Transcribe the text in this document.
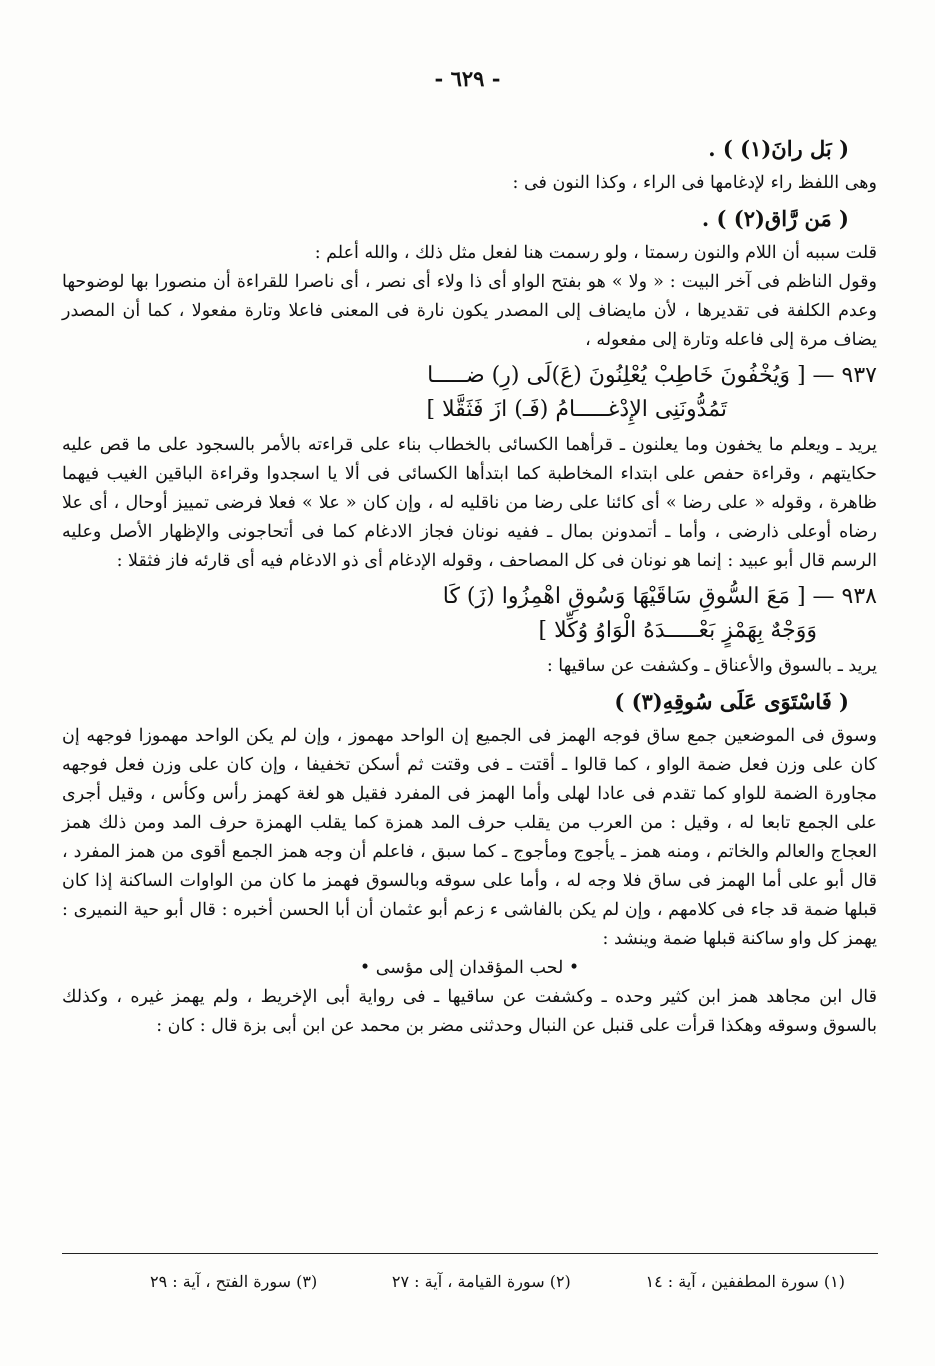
- ٦٢٩ -

( بَل رانَ(١) ) .

وهى اللفظ راء لإدغامها فى الراء ، وكذا النون فى :

( مَن رَّاق(٢) ) .

قلت سببه أن اللام والنون رسمتا ، ولو رسمت هنا لفعل مثل ذلك ، والله أعلم :

وقول الناظم فى آخر البيت : « ولا » هو بفتح الواو أى ذا ولاء أى نصر ، أى ناصرا للقراءة أن منصورا بها لوضوحها وعدم الكلفة فى تقديرها ، لأن مايضاف إلى المصدر يكون نارة فى المعنى فاعلا وتارة مفعولا ، كما أن المصدر يضاف مرة إلى فاعله وتارة إلى مفعوله ،

٩٣٧ — [ وَيُخْفُونَ خَاطِبْ يُعْلِنُونَ (عَ)لَى (رِ) ضـــــا
تَمُدُّونَنِى الإِدْغـــــامُ (فَـ) ازَ فَثَقَّلا ]

يريد ـ ويعلم ما يخفون وما يعلنون ـ قرأهما الكسائى بالخطاب بناء على قراءته بالأمر بالسجود على ما قص عليه حكايتهم ، وقراءة حفص على ابتداء المخاطبة كما ابتدأها الكسائى فى ألا يا اسجدوا وقراءة الباقين الغيب فيهما ظاهرة ، وقوله « على رضا » أى كائنا على رضا من ناقليه له ، وإن كان « علا » فعلا فرضى تمييز أوحال ، أى علا رضاه أوعلى ذارضى ، وأما ـ أتمدونن بمال ـ ففيه نونان فجاز الادغام كما فى أتحاجونى والإظهار الأصل وعليه الرسم قال أبو عبيد : إنما هو نونان فى كل المصاحف ، وقوله الإدغام أى ذو الادغام فيه أى قارئه فاز فثقلا :

٩٣٨ — [ مَعَ السُّوقِ سَاقَيْهَا وَسُوقِ اهْمِزُوا (زَ) كَا
وَوَجْهٌ بِهَمْزٍ بَعْـــــدَهُ الْوَاوُ وُكِّلا ]

يريد ـ بالسوق والأعناق ـ وكشفت عن ساقيها :

( فَاسْتَوَى عَلَى سُوقِهِ(٣) )

وسوق فى الموضعين جمع ساق فوجه الهمز فى الجميع إن الواحد مهموز ، وإن لم يكن الواحد مهموزا فوجهه إن كان على وزن فعل ضمة الواو ، كما قالوا ـ أقتت ـ فى وقتت ثم أسكن تخفيفا ، وإن كان على وزن فعل فوجهه مجاورة الضمة للواو كما تقدم فى عادا لهلى وأما الهمز فى المفرد فقيل هو لغة كهمز رأس وكأس ، وقيل أجرى على الجمع تابعا له ، وقيل : من العرب من يقلب حرف المد همزة كما يقلب الهمزة حرف المد ومن ذلك همز العجاج والعالم والخاتم ، ومنه همز ـ يأجوج ومأجوج ـ كما سبق ، فاعلم أن وجه همز الجمع أقوى من همز المفرد ، قال أبو على أما الهمز فى ساق فلا وجه له ، وأما على سوقه وبالسوق فهمز ما كان من الواوات الساكنة إذا كان قبلها ضمة قد جاء فى كلامهم ، وإن لم يكن بالفاشى ء زعم أبو عثمان أن أبا الحسن أخبره : قال أبو حية النميرى : يهمز كل واو ساكنة قبلها ضمة وينشد :

• لحب المؤقدان إلى مؤسى •

قال ابن مجاهد همز ابن كثير وحده ـ وكشفت عن ساقيها ـ فى رواية أبى الإخريط ، ولم يهمز غيره ، وكذلك بالسوق وسوقه وهكذا قرأت على قنبل عن النبال وحدثنى مضر بن محمد عن ابن أبى بزة قال : كان :

(١) سورة المطففين ، آية : ١٤
(٢) سورة القيامة ، آية : ٢٧
(٣) سورة الفتح ، آية : ٢٩
